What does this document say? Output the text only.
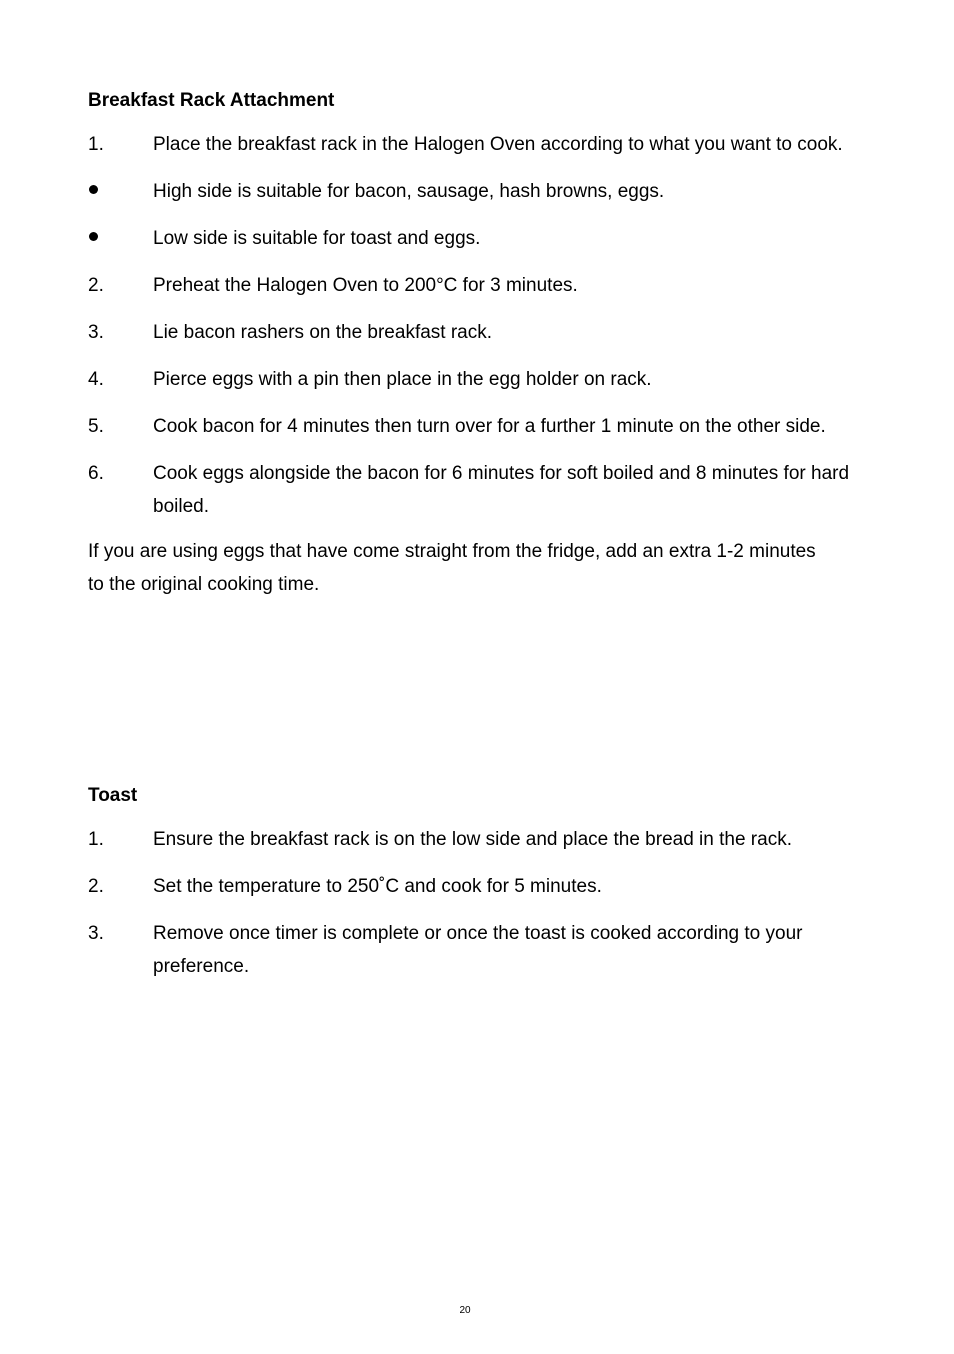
Breakfast Rack Attachment
1.	Place the breakfast rack in the Halogen Oven according to what you want to cook.
High side is suitable for bacon, sausage, hash browns, eggs.
Low side is suitable for toast and eggs.
2.	Preheat the Halogen Oven to 200°C for 3 minutes.
3.	Lie bacon rashers on the breakfast rack.
4.	Pierce eggs with a pin then place in the egg holder on rack.
5.	Cook bacon for 4 minutes then turn over for a further 1 minute on the other side.
6.	Cook eggs alongside the bacon for 6 minutes for soft boiled and 8 minutes for hard boiled.

If you are using eggs that have come straight from the fridge, add an extra 1-2 minutes to the original cooking time.

Toast
1.	Ensure the breakfast rack is on the low side and place the bread in the rack.
2.	Set the temperature to 250˚C and cook for 5 minutes.
3.	Remove once timer is complete or once the toast is cooked according to your preference.
20
